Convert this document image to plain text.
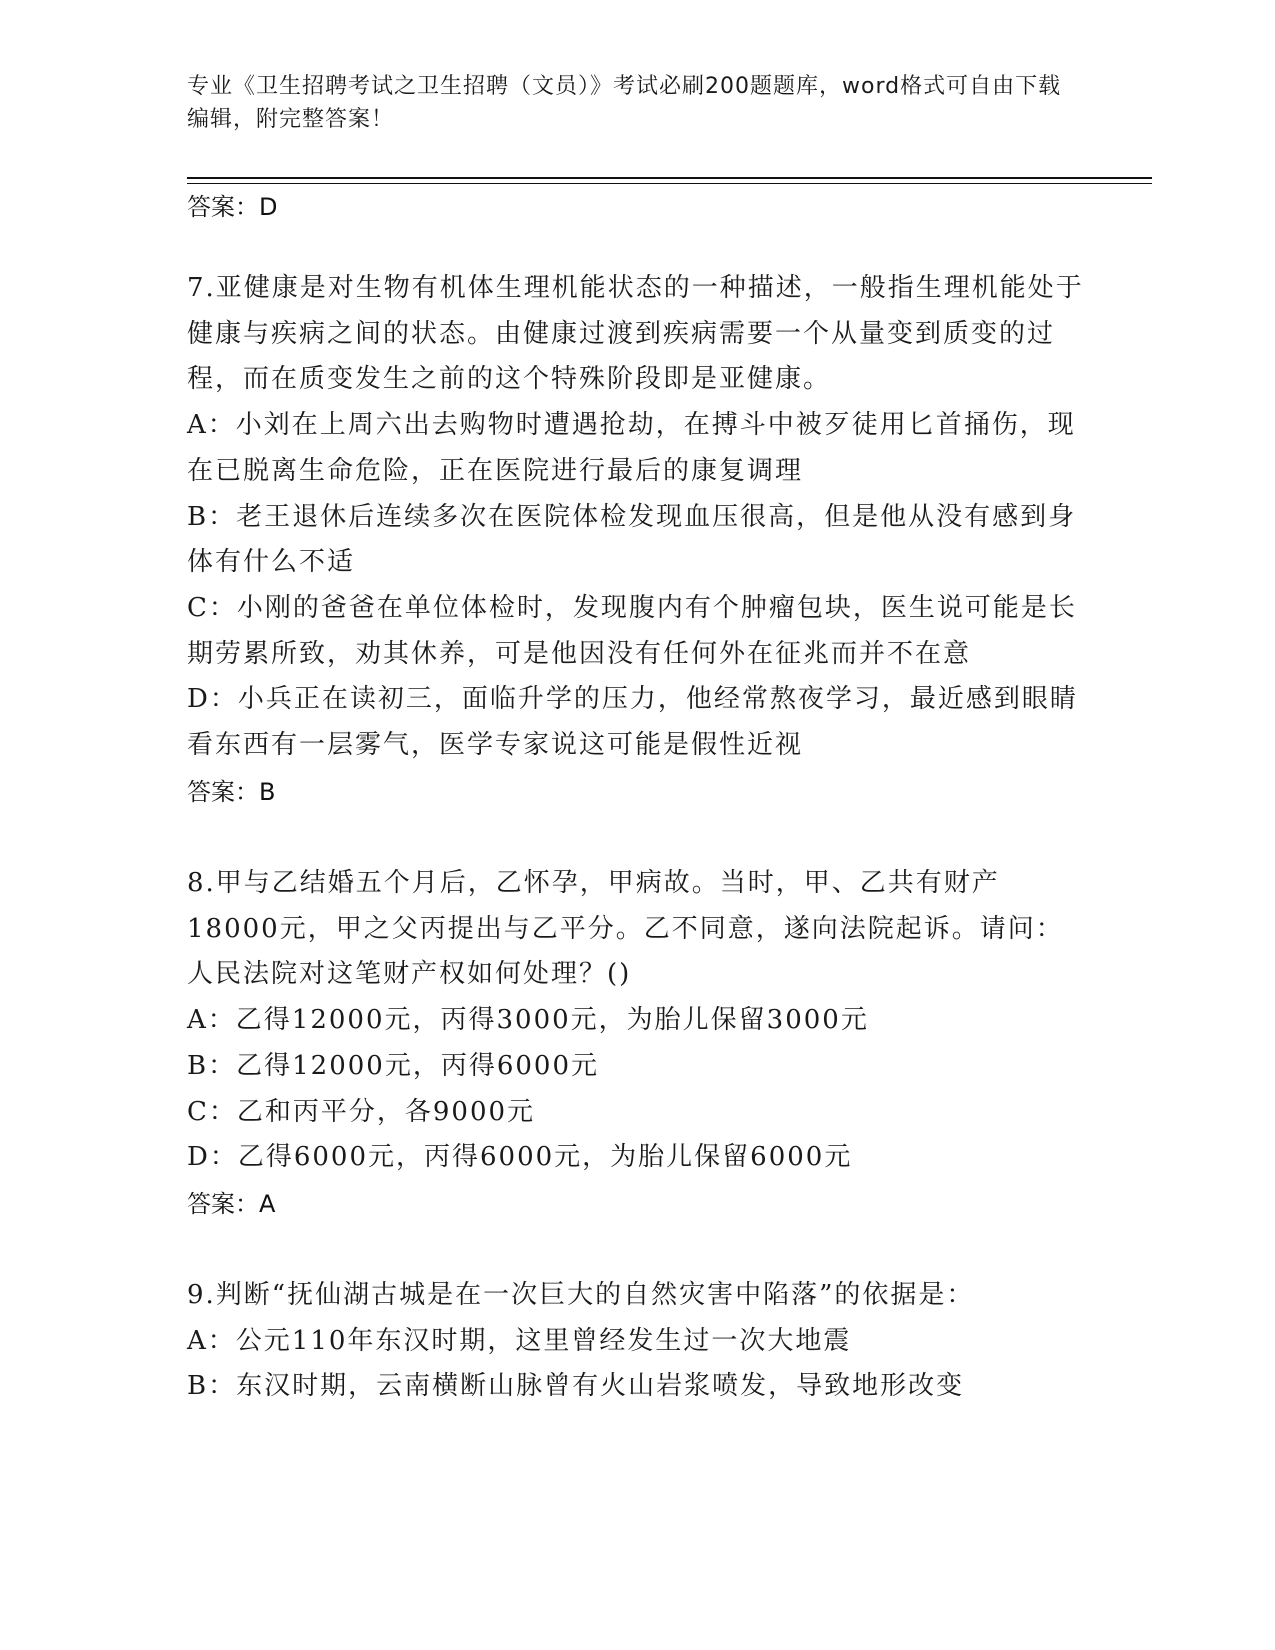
专业《卫生招聘考试之卫生招聘（文员）》考试必刷200题题库，word格式可自由下载编辑，附完整答案！
答案：D

7.亚健康是对生物有机体生理机能状态的一种描述，一般指生理机能处于健康与疾病之间的状态。由健康过渡到疾病需要一个从量变到质变的过程，而在质变发生之前的这个特殊阶段即是亚健康。

A：小刘在上周六出去购物时遭遇抢劫，在搏斗中被歹徒用匕首捅伤，现在已脱离生命危险，正在医院进行最后的康复调理

B：老王退休后连续多次在医院体检发现血压很高，但是他从没有感到身体有什么不适

C：小刚的爸爸在单位体检时，发现腹内有个肿瘤包块，医生说可能是长期劳累所致，劝其休养，可是他因没有任何外在征兆而并不在意

D：小兵正在读初三，面临升学的压力，他经常熬夜学习，最近感到眼睛看东西有一层雾气，医学专家说这可能是假性近视

答案：B

8.甲与乙结婚五个月后，乙怀孕，甲病故。当时，甲、乙共有财产18000元，甲之父丙提出与乙平分。乙不同意，遂向法院起诉。请问：人民法院对这笔财产权如何处理？()

A：乙得12000元，丙得3000元，为胎儿保留3000元

B：乙得12000元，丙得6000元

C：乙和丙平分，各9000元

D：乙得6000元，丙得6000元，为胎儿保留6000元

答案：A

9.判断“抚仙湖古城是在一次巨大的自然灾害中陷落”的依据是：

A：公元110年东汉时期，这里曾经发生过一次大地震

B：东汉时期，云南横断山脉曾有火山岩浆喷发，导致地形改变
